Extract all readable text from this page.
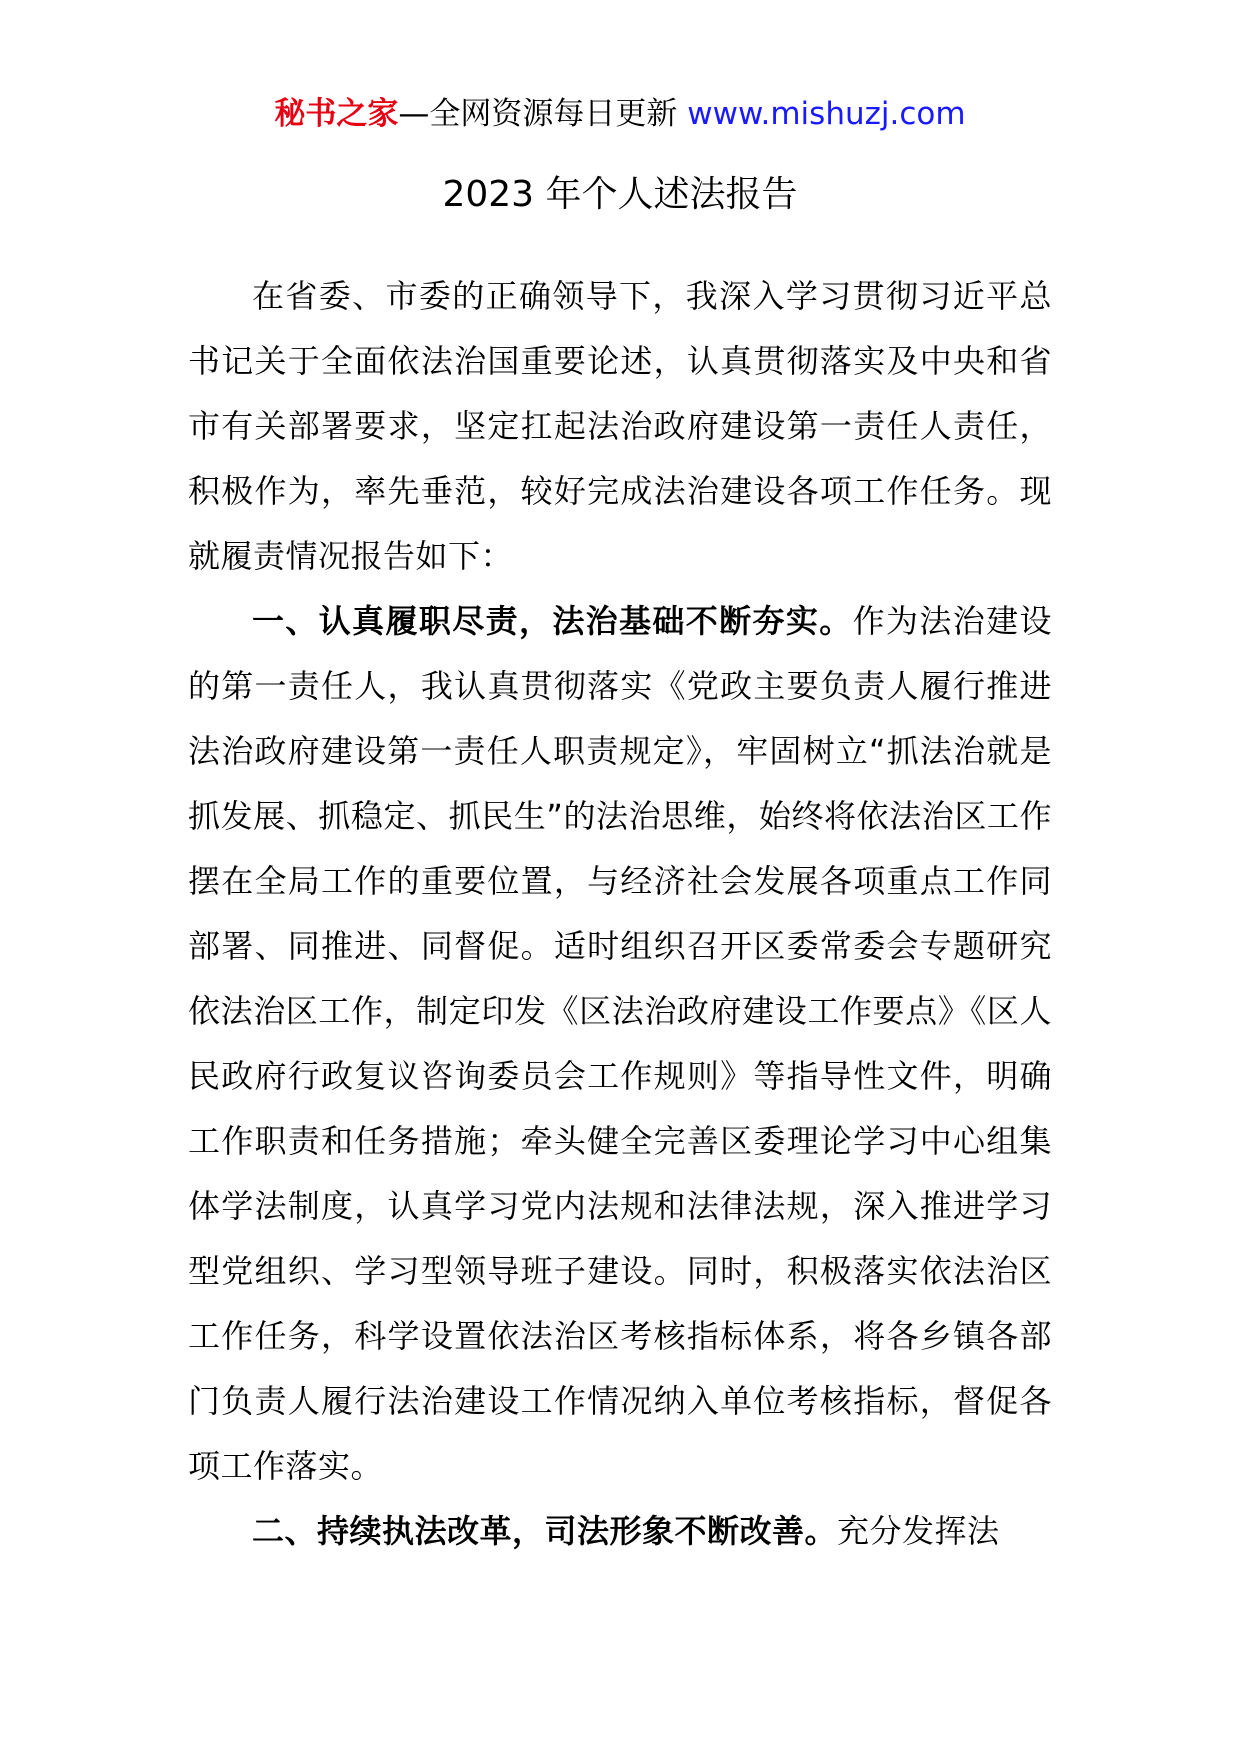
秘书之家—全网资源每日更新 www.mishuzj.com
2023 年个人述法报告

在省委、市委的正确领导下，我深入学习贯彻习近平总书记关于全面依法治国重要论述，认真贯彻落实及中央和省市有关部署要求，坚定扛起法治政府建设第一责任人责任，积极作为，率先垂范，较好完成法治建设各项工作任务。现就履责情况报告如下：

一、认真履职尽责，法治基础不断夯实。作为法治建设的第一责任人，我认真贯彻落实《党政主要负责人履行推进法治政府建设第一责任人职责规定》，牢固树立“抓法治就是抓发展、抓稳定、抓民生”的法治思维，始终将依法治区工作摆在全局工作的重要位置，与经济社会发展各项重点工作同部署、同推进、同督促。适时组织召开区委常委会专题研究依法治区工作，制定印发《区法治政府建设工作要点》《区人民政府行政复议咨询委员会工作规则》等指导性文件，明确工作职责和任务措施；牵头健全完善区委理论学习中心组集体学法制度，认真学习党内法规和法律法规，深入推进学习型党组织、学习型领导班子建设。同时，积极落实依法治区工作任务，科学设置依法治区考核指标体系，将各乡镇各部门负责人履行法治建设工作情况纳入单位考核指标，督促各项工作落实。

二、持续执法改革，司法形象不断改善。充分发挥法
